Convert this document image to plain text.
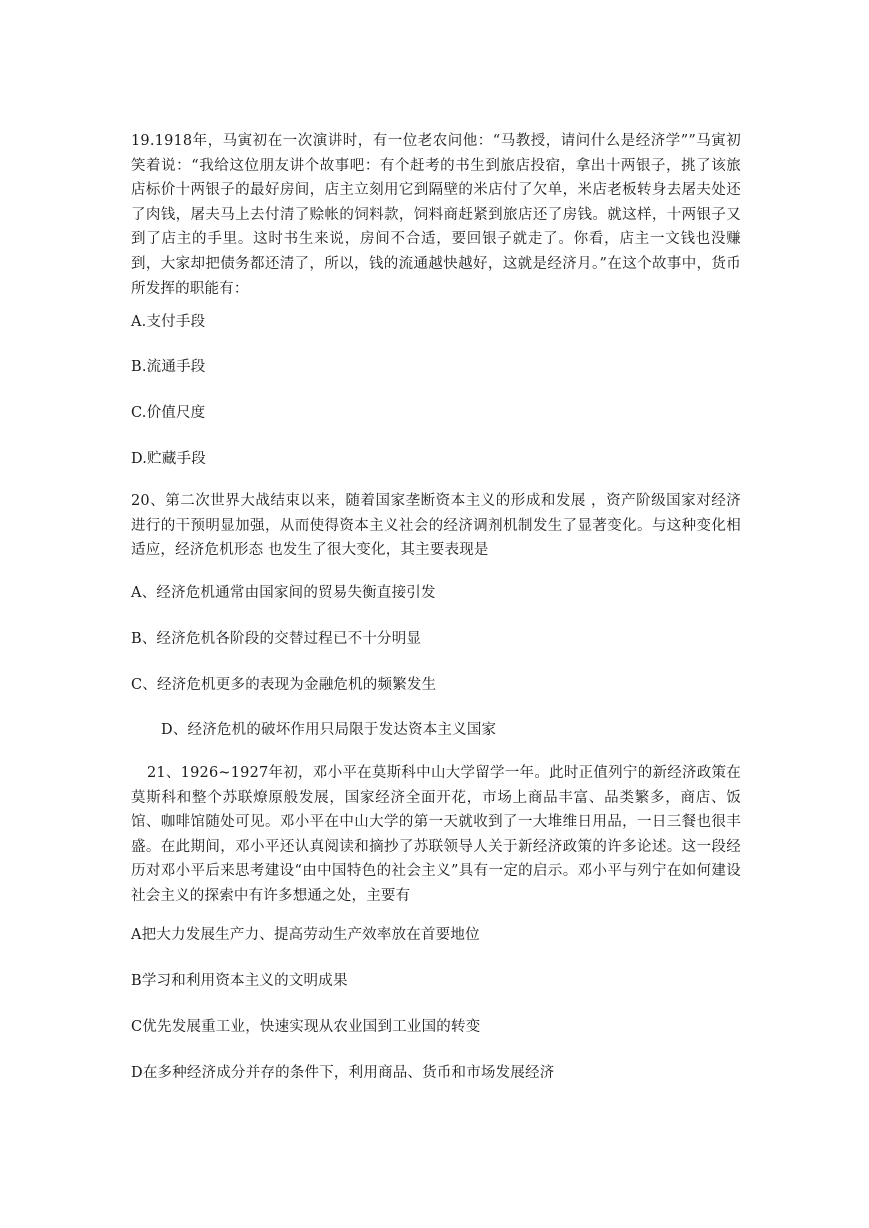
19.1918年，马寅初在一次演讲时，有一位老农问他：“马教授，请问什么是经济学””马寅初笑着说：“我给这位朋友讲个故事吧：有个赶考的书生到旅店投宿，拿出十两银子，挑了该旅店标价十两银子的最好房间，店主立刻用它到隔壁的米店付了欠单，米店老板转身去屠夫处还了肉钱，屠夫马上去付清了赊帐的饲料款，饲料商赶紧到旅店还了房钱。就这样，十两银子又到了店主的手里。这时书生来说，房间不合适，要回银子就走了。你看，店主一文钱也没赚到，大家却把债务都还清了，所以，钱的流通越快越好，这就是经济月。”在这个故事中，货币所发挥的职能有：

A.支付手段

B.流通手段

C.价值尺度

D.贮藏手段

20、第二次世界大战结束以来，随着国家垄断资本主义的形成和发展 ，资产阶级国家对经济进行的干预明显加强，从而使得资本主义社会的经济调剂机制发生了显著变化。与这种变化相适应，经济危机形态 也发生了很大变化，其主要表现是

A、经济危机通常由国家间的贸易失衡直接引发

B、经济危机各阶段的交替过程已不十分明显

C、经济危机更多的表现为金融危机的频繁发生

D、经济危机的破坏作用只局限于发达资本主义国家

21、1926~1927年初，邓小平在莫斯科中山大学留学一年。此时正值列宁的新经济政策在莫斯科和整个苏联燎原般发展，国家经济全面开花，市场上商品丰富、品类繁多，商店、饭馆、咖啡馆随处可见。邓小平在中山大学的第一天就收到了一大堆维日用品，一日三餐也很丰盛。在此期间，邓小平还认真阅读和摘抄了苏联领导人关于新经济政策的许多论述。这一段经历对邓小平后来思考建设“由中国特色的社会主义”具有一定的启示。邓小平与列宁在如何建设社会主义的探索中有许多想通之处，主要有

A把大力发展生产力、提高劳动生产效率放在首要地位

B学习和利用资本主义的文明成果

C优先发展重工业，快速实现从农业国到工业国的转变

D在多种经济成分并存的条件下，利用商品、货币和市场发展经济
